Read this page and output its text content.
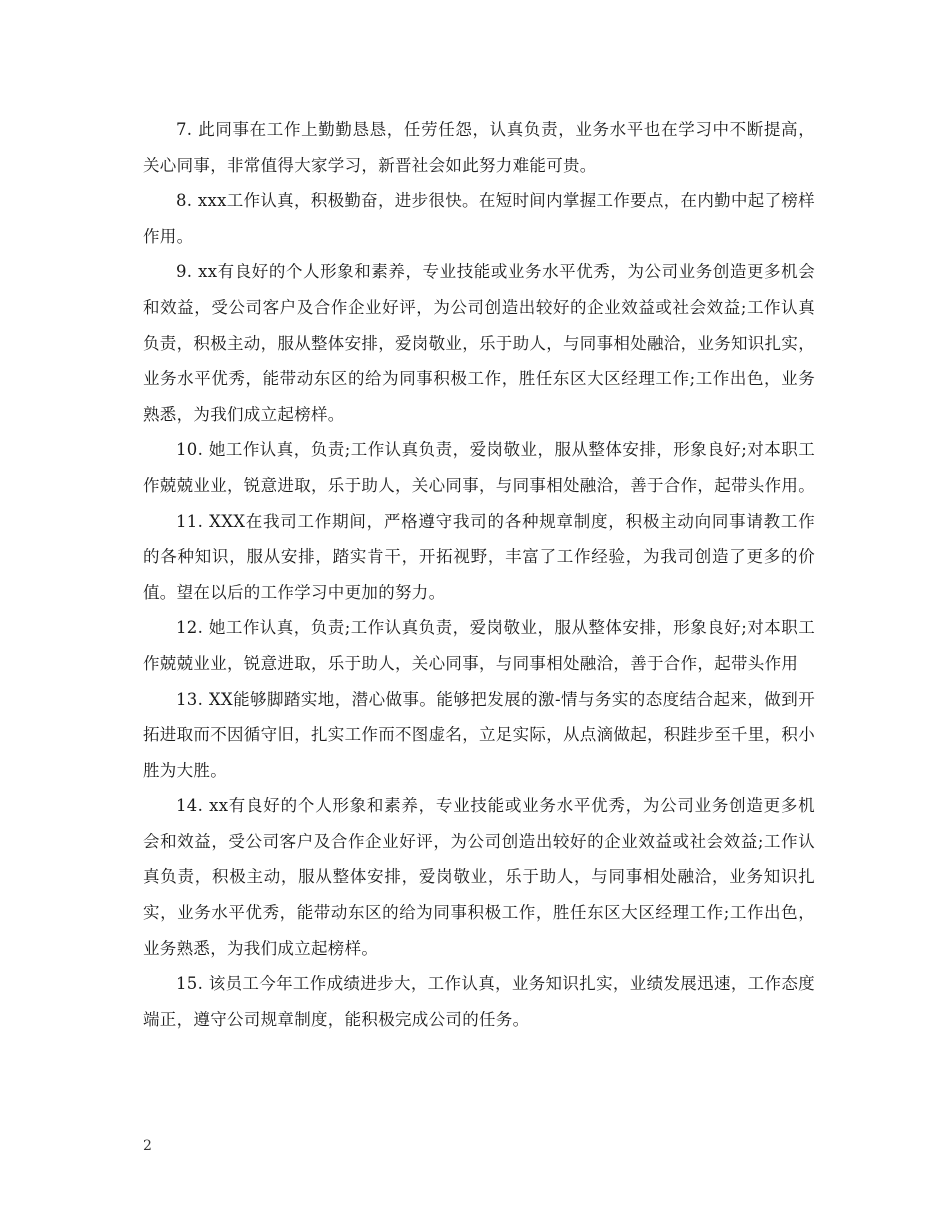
7. 此同事在工作上勤勤恳恳，任劳任怨，认真负责，业务水平也在学习中不断提高，关心同事，非常值得大家学习，新晋社会如此努力难能可贵。

8. xxx工作认真，积极勤奋，进步很快。在短时间内掌握工作要点，在内勤中起了榜样作用。

9. xx有良好的个人形象和素养，专业技能或业务水平优秀，为公司业务创造更多机会和效益，受公司客户及合作企业好评，为公司创造出较好的企业效益或社会效益;工作认真负责，积极主动，服从整体安排，爱岗敬业，乐于助人，与同事相处融洽，业务知识扎实，业务水平优秀，能带动东区的给为同事积极工作，胜任东区大区经理工作;工作出色，业务熟悉，为我们成立起榜样。

10. 她工作认真，负责;工作认真负责，爱岗敬业，服从整体安排，形象良好;对本职工作兢兢业业，锐意进取，乐于助人，关心同事，与同事相处融洽，善于合作，起带头作用。

11. XXX在我司工作期间，严格遵守我司的各种规章制度，积极主动向同事请教工作的各种知识，服从安排，踏实肯干，开拓视野，丰富了工作经验，为我司创造了更多的价值。望在以后的工作学习中更加的努力。

12. 她工作认真，负责;工作认真负责，爱岗敬业，服从整体安排，形象良好;对本职工作兢兢业业，锐意进取，乐于助人，关心同事，与同事相处融洽，善于合作，起带头作用

13. XX能够脚踏实地，潜心做事。能够把发展的激-情与务实的态度结合起来，做到开拓进取而不因循守旧，扎实工作而不图虚名，立足实际，从点滴做起，积跬步至千里，积小胜为大胜。

14. xx有良好的个人形象和素养，专业技能或业务水平优秀，为公司业务创造更多机会和效益，受公司客户及合作企业好评，为公司创造出较好的企业效益或社会效益;工作认真负责，积极主动，服从整体安排，爱岗敬业，乐于助人，与同事相处融洽，业务知识扎实，业务水平优秀，能带动东区的给为同事积极工作，胜任东区大区经理工作;工作出色，业务熟悉，为我们成立起榜样。

15. 该员工今年工作成绩进步大，工作认真，业务知识扎实，业绩发展迅速，工作态度端正，遵守公司规章制度，能积极完成公司的任务。

2
